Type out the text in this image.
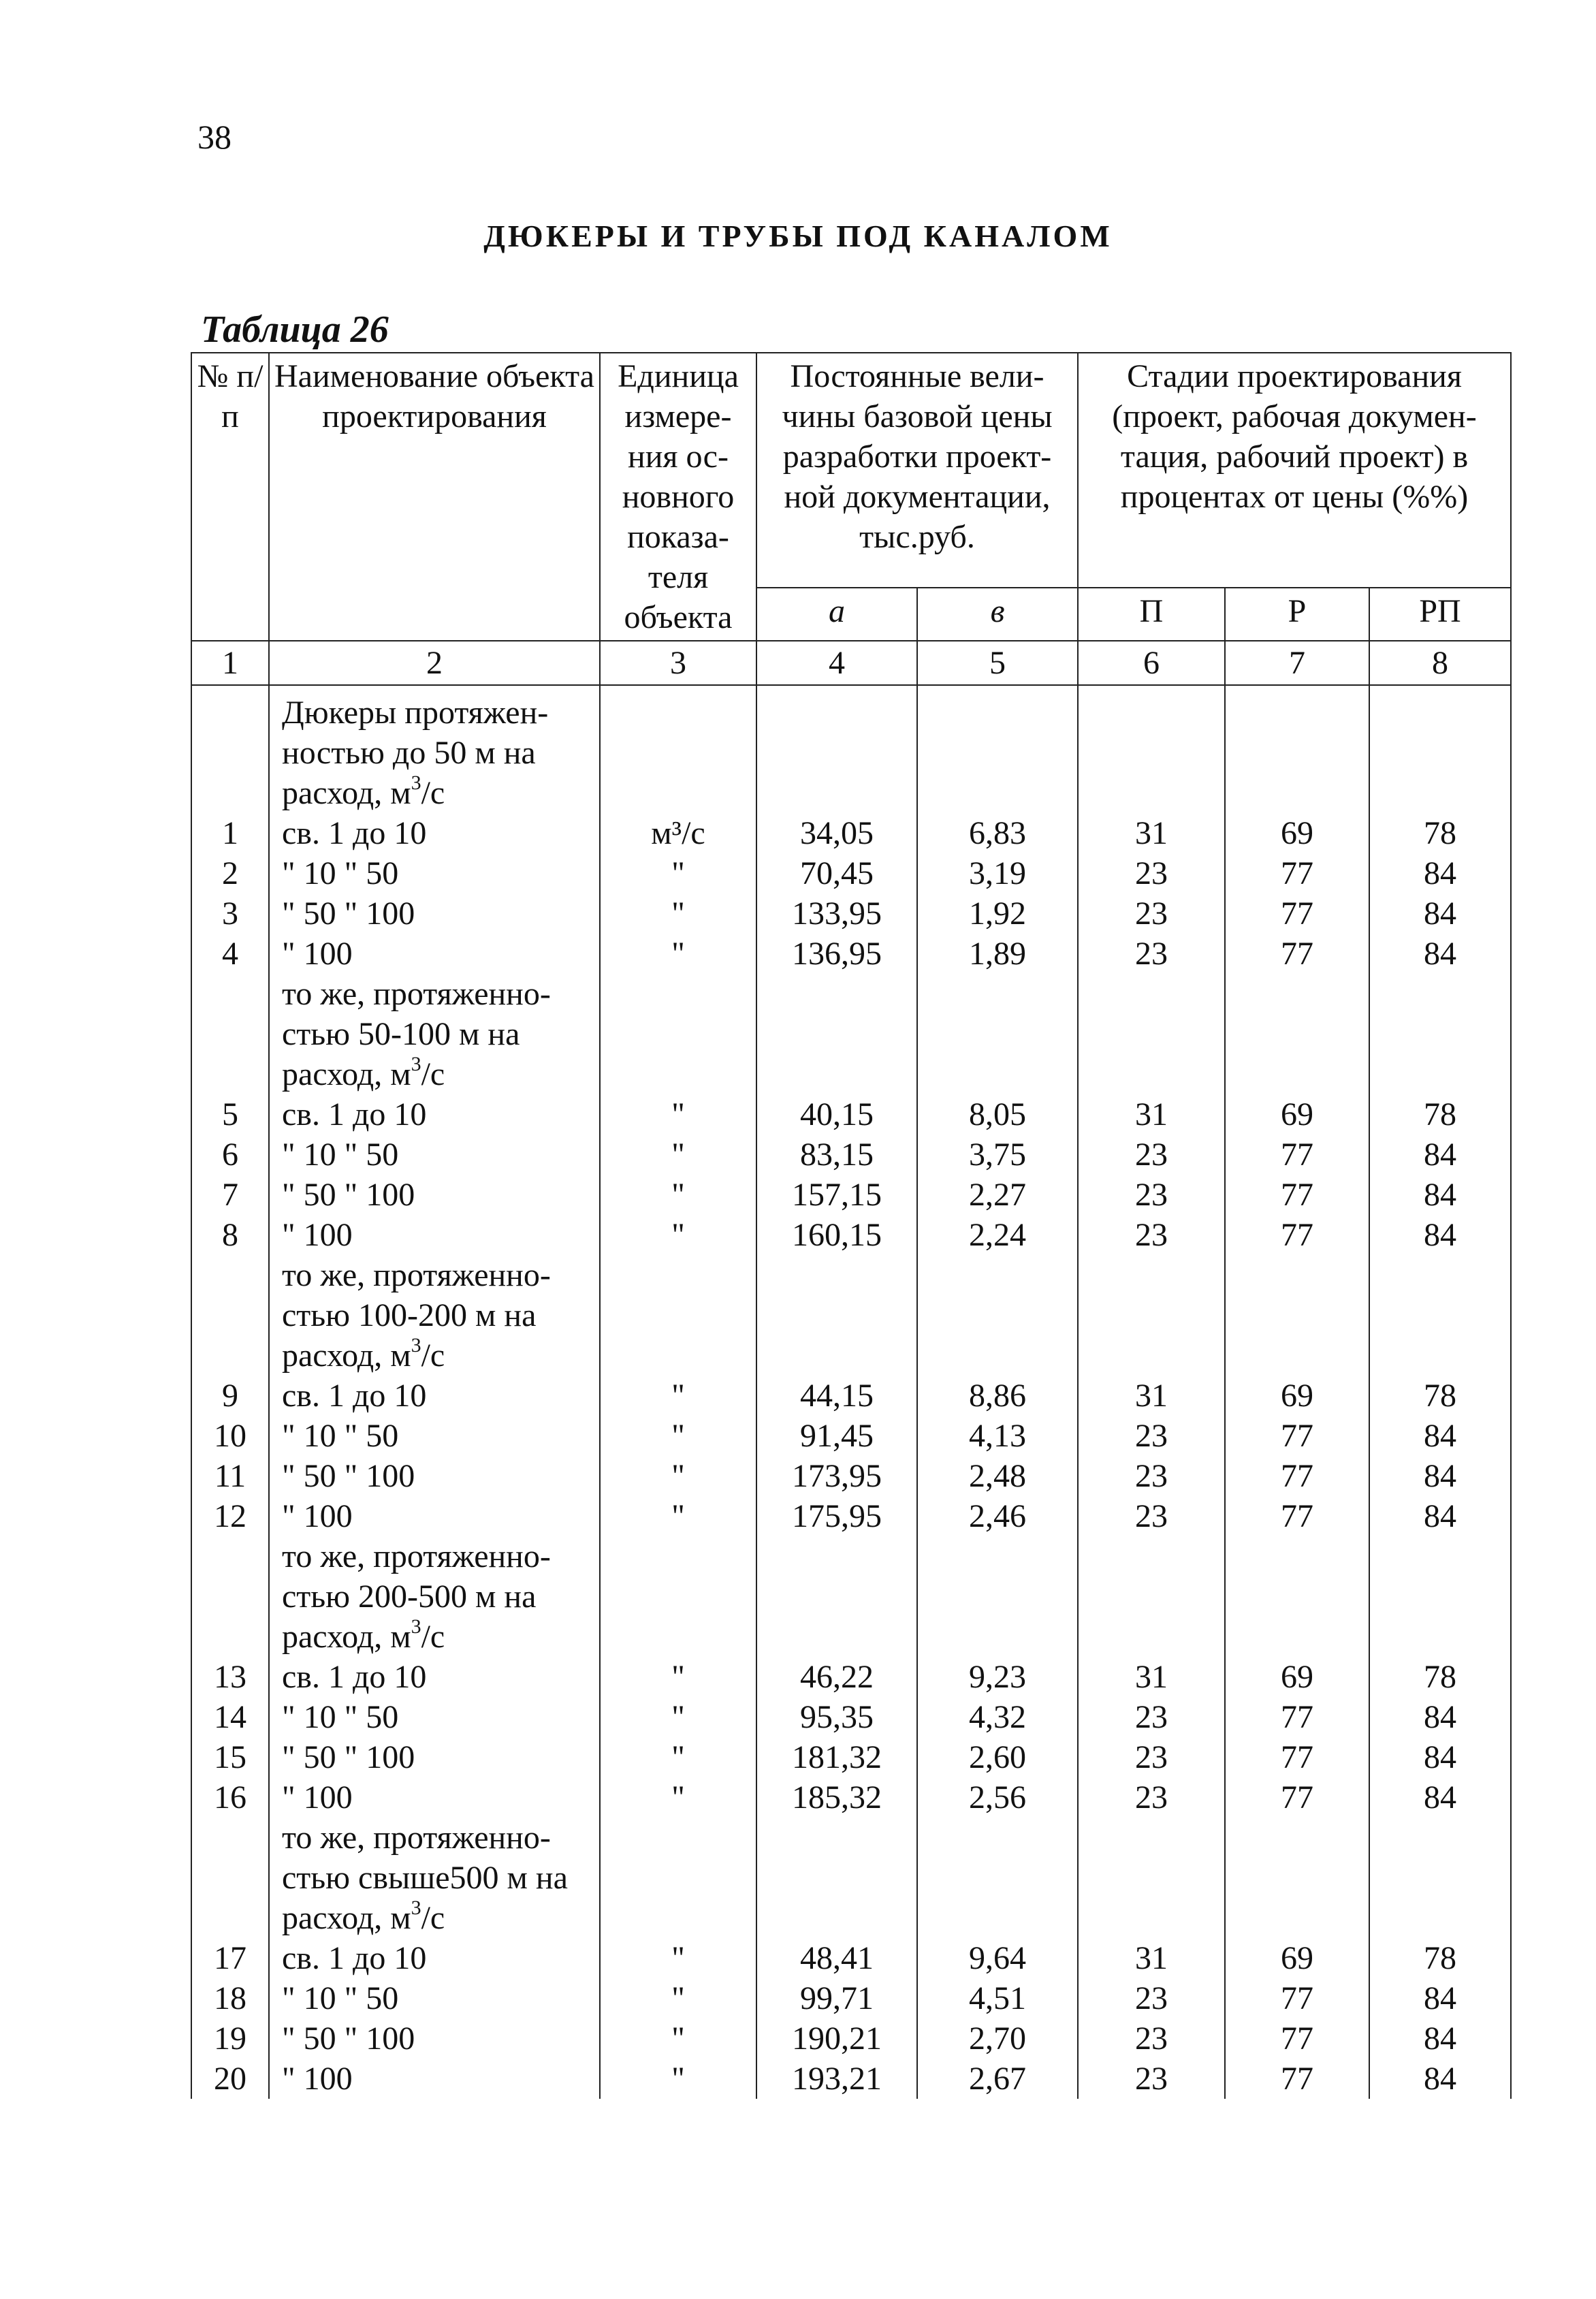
38
ДЮКЕРЫ И ТРУБЫ ПОД КАНАЛОМ
Таблица 26
№ п/п	Наименование объекта проектирования	Единица измере-ния ос-новного показа-теля объекта	Постоянные вели-чины базовой цены разработки проект-ной документации, тыс.руб.		Стадии проектирования (проект, рабочая докумен-тация, рабочий проект) в процентах от цены (%%)		
			а	в	П	Р	РП
1	2	3	4	5	6	7	8
	Дюкеры протяжен-ностью до 50 м на расход, $м^3/с$						
1	св. 1 до 10	м³/с	34,05	6,83	31	69	78
2	" 10 " 50	"	70,45	3,19	23	77	84
3	" 50 " 100	"	133,95	1,92	23	77	84
4	" 100	"	136,95	1,89	23	77	84
	то же, протяженно-стью 50-100 м на расход, $м^3/с$						
5	св. 1 до 10	"	40,15	8,05	31	69	78
6	" 10 " 50	"	83,15	3,75	23	77	84
7	" 50 " 100	"	157,15	2,27	23	77	84
8	" 100	"	160,15	2,24	23	77	84
	то же, протяженно-стью 100-200 м на расход, $м^3/с$						
9	св. 1 до 10	"	44,15	8,86	31	69	78
10	" 10 " 50	"	91,45	4,13	23	77	84
11	" 50 " 100	"	173,95	2,48	23	77	84
12	" 100	"	175,95	2,46	23	77	84
	то же, протяженно-стью 200-500 м на расход, $м^3/с$						
13	св. 1 до 10	"	46,22	9,23	31	69	78
14	" 10 " 50	"	95,35	4,32	23	77	84
15	" 50 " 100	"	181,32	2,60	23	77	84
16	" 100	"	185,32	2,56	23	77	84
	то же, протяженно-стью свыше500 м на расход, $м^3/с$						
17	св. 1 до 10	"	48,41	9,64	31	69	78
18	" 10 " 50	"	99,71	4,51	23	77	84
19	" 50 " 100	"	190,21	2,70	23	77	84
20	" 100	"	193,21	2,67	23	77	84
